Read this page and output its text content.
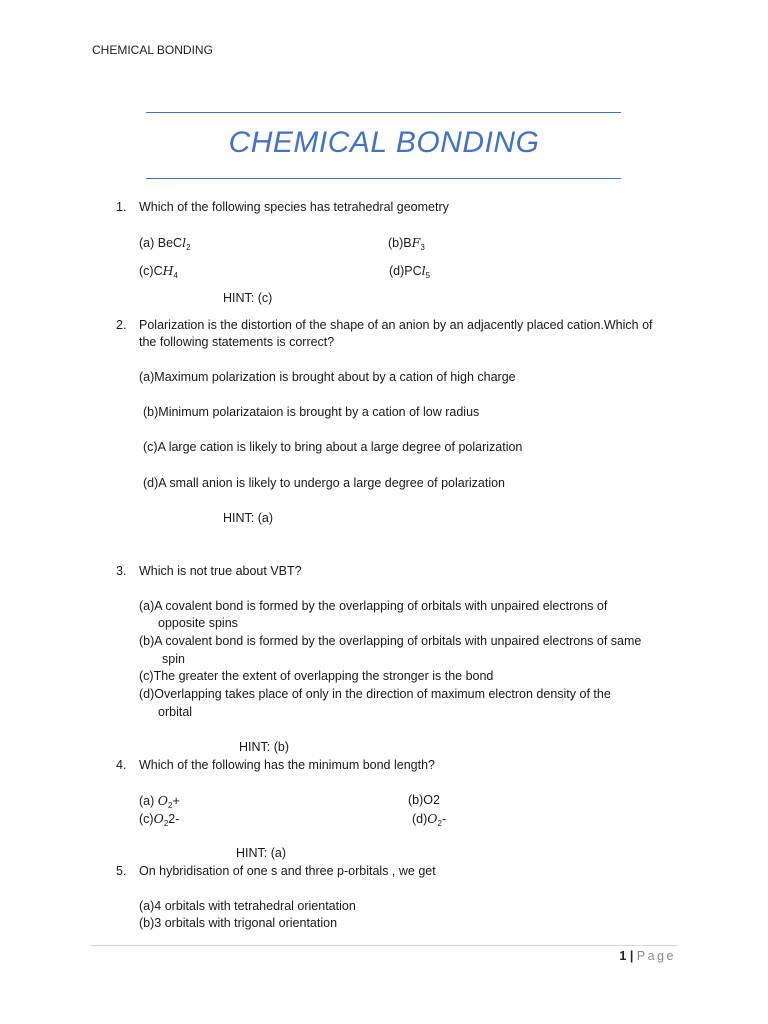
CHEMICAL BONDING
CHEMICAL BONDING
1. Which of the following species has tetrahedral geometry
(a) BeCl$_2$	$(b)BF_3$
$(c)CH_4$	(d)PCl$_5$
HINT: (c)
2. Polarization is the distortion of the shape of an anion by an adjacently placed cation.Which of
the following statements is correct?
(a)Maximum polarization is brought about by a cation of high charge
(b)Minimum polarizataion is brought by a cation of low radius
(c)A large cation is likely to bring about a large degree of polarization
(d)A small anion is likely to undergo a large degree of polarization
HINT: (a)
3. Which is not true about VBT?
(a)A covalent bond is formed by the overlapping of orbitals with unpaired electrons of
opposite spins
(b)A covalent bond is formed by the overlapping of orbitals with unpaired electrons of same
spin
(c)The greater the extent of overlapping the stronger is the bond
(d)Overlapping takes place of only in the direction of maximum electron density of the
orbital
HINT: (b)
4. Which of the following has the minimum bond length?
(a) $O_2+$	(b)O2
$(c)O_22-$	$(d)O_2-$
HINT: (a)
5. On hybridisation of one s and three p-orbitals , we get
(a)4 orbitals with tetrahedral orientation
(b)3 orbitals with trigonal orientation
1 | Page
